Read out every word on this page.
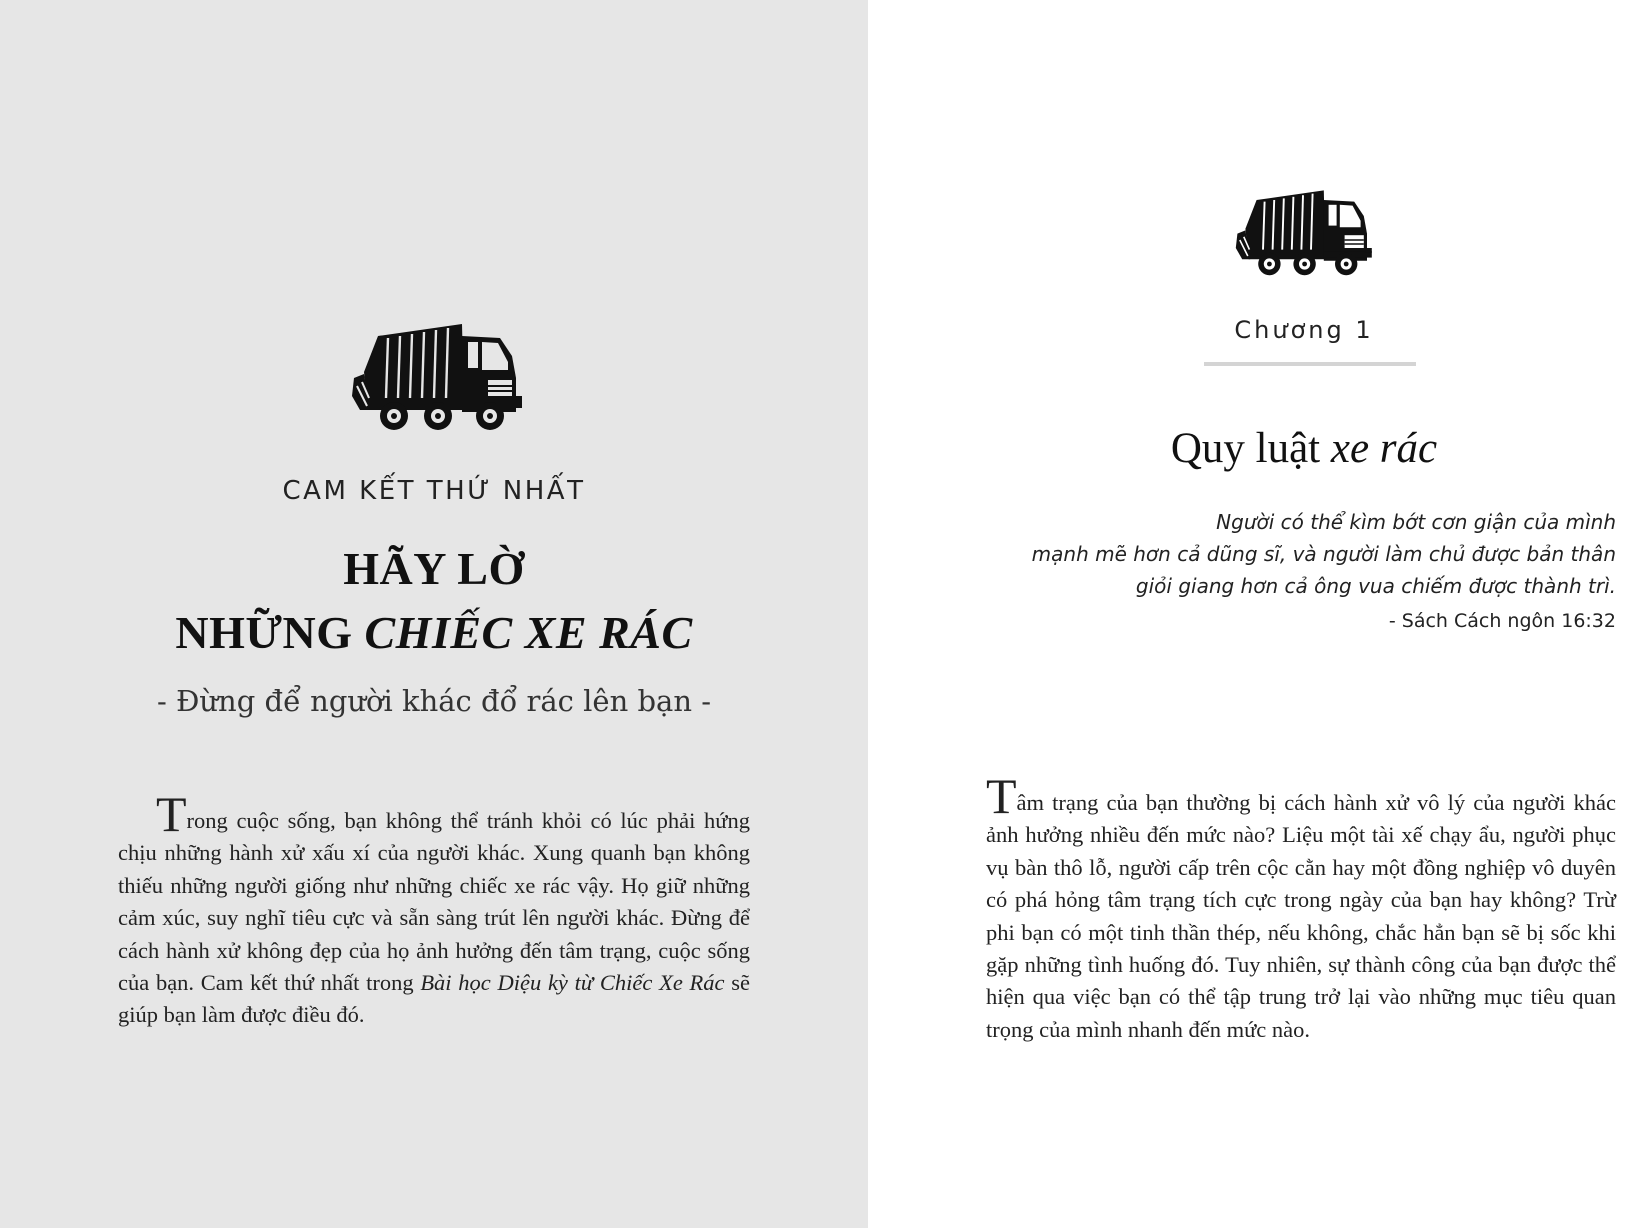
CAM KẾT THỨ NHẤT
HÃY LỜ
NHỮNG CHIẾC XE RÁC
- Đừng để người khác đổ rác lên bạn -

Trong cuộc sống, bạn không thể tránh khỏi có lúc phải hứng chịu những hành xử xấu xí của người khác. Xung quanh bạn không thiếu những người giống như những chiếc xe rác vậy. Họ giữ những cảm xúc, suy nghĩ tiêu cực và sẵn sàng trút lên người khác. Đừng để cách hành xử không đẹp của họ ảnh hưởng đến tâm trạng, cuộc sống của bạn. Cam kết thứ nhất trong Bài học Diệu kỳ từ Chiếc Xe Rác sẽ giúp bạn làm được điều đó.

Chương 1
Quy luật xe rác
Người có thể kìm bớt cơn giận của mình
mạnh mẽ hơn cả dũng sĩ, và người làm chủ được bản thân
giỏi giang hơn cả ông vua chiếm được thành trì.
- Sách Cách ngôn 16:32

Tâm trạng của bạn thường bị cách hành xử vô lý của người khác ảnh hưởng nhiều đến mức nào? Liệu một tài xế chạy ẩu, người phục vụ bàn thô lỗ, người cấp trên cộc cằn hay một đồng nghiệp vô duyên có phá hỏng tâm trạng tích cực trong ngày của bạn hay không? Trừ phi bạn có một tinh thần thép, nếu không, chắc hẳn bạn sẽ bị sốc khi gặp những tình huống đó. Tuy nhiên, sự thành công của bạn được thể hiện qua việc bạn có thể tập trung trở lại vào những mục tiêu quan trọng của mình nhanh đến mức nào.
